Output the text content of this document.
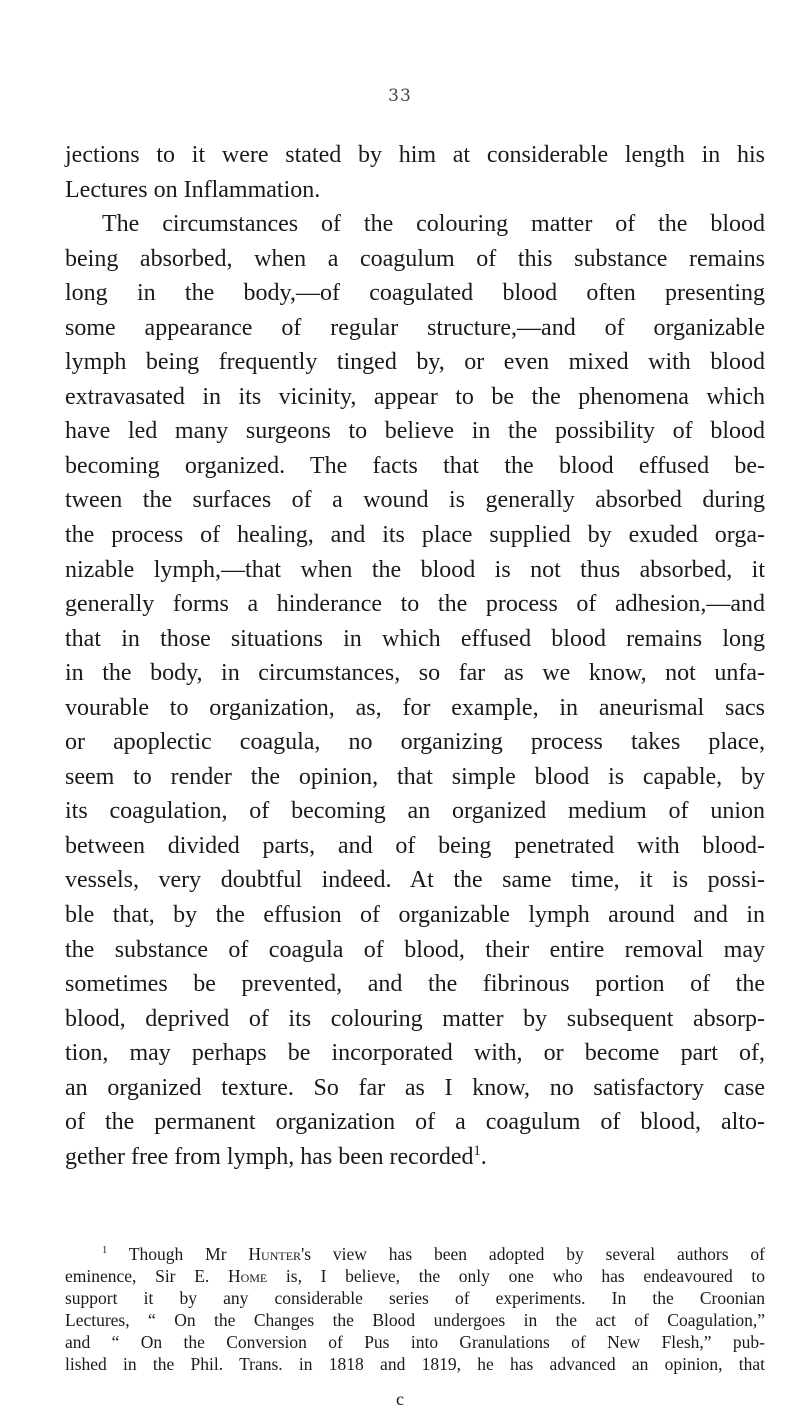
33
jections to it were stated by him at considerable length in his
Lectures on Inflammation.
The circumstances of the colouring matter of the blood
being absorbed, when a coagulum of this substance remains
long in the body,—of coagulated blood often presenting
some appearance of regular structure,—and of organizable
lymph being frequently tinged by, or even mixed with blood
extravasated in its vicinity, appear to be the phenomena which
have led many surgeons to believe in the possibility of blood
becoming organized. The facts that the blood effused be-
tween the surfaces of a wound is generally absorbed during
the process of healing, and its place supplied by exuded orga-
nizable lymph,—that when the blood is not thus absorbed, it
generally forms a hinderance to the process of adhesion,—and
that in those situations in which effused blood remains long
in the body, in circumstances, so far as we know, not unfa-
vourable to organization, as, for example, in aneurismal sacs
or apoplectic coagula, no organizing process takes place,
seem to render the opinion, that simple blood is capable, by
its coagulation, of becoming an organized medium of union
between divided parts, and of being penetrated with blood-
vessels, very doubtful indeed. At the same time, it is possi-
ble that, by the effusion of organizable lymph around and in
the substance of coagula of blood, their entire removal may
sometimes be prevented, and the fibrinous portion of the
blood, deprived of its colouring matter by subsequent absorp-
tion, may perhaps be incorporated with, or become part of,
an organized texture. So far as I know, no satisfactory case
of the permanent organization of a coagulum of blood, alto-
gether free from lymph, has been recorded$^1$.
$^1$ Though Mr Hunter's view has been adopted by several authors of
eminence, Sir E. Home is, I believe, the only one who has endeavoured to
support it by any considerable series of experiments. In the Croonian
Lectures, “ On the Changes the Blood undergoes in the act of Coagulation,”
and “ On the Conversion of Pus into Granulations of New Flesh,” pub-
lished in the Phil. Trans. in 1818 and 1819, he has advanced an opinion, that
c
